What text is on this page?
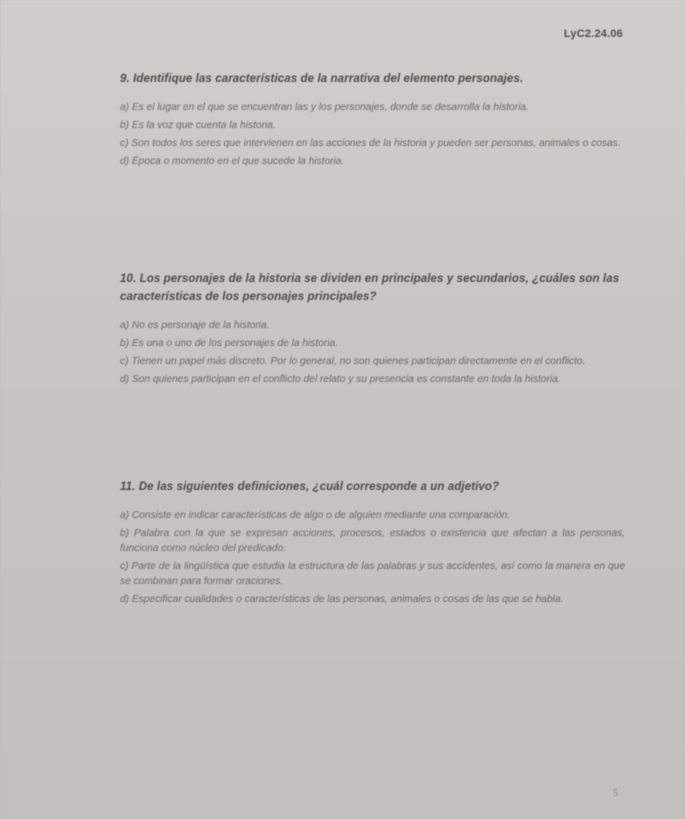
LyC2.24.06

9. Identifique las características de la narrativa del elemento personajes.

a) Es el lugar en el que se encuentran las y los personajes, donde se desarrolla la historia.
b) Es la voz que cuenta la historia.
c) Son todos los seres que intervienen en las acciones de la historia y pueden ser personas, animales o cosas.
d) Época o momento en el que sucede la historia.

10. Los personajes de la historia se dividen en principales y secundarios, ¿cuáles son las características de los personajes principales?

a) No es personaje de la historia.
b) Es una o uno de los personajes de la historia.
c) Tienen un papel más discreto. Por lo general, no son quienes participan directamente en el conflicto.
d) Son quienes participan en el conflicto del relato y su presencia es constante en toda la historia.

11. De las siguientes definiciones, ¿cuál corresponde a un adjetivo?

a) Consiste en indicar características de algo o de alguien mediante una comparación.
b) Palabra con la que se expresan acciones, procesos, estados o existencia que afectan a las personas, funciona como núcleo del predicado.
c) Parte de la lingüística que estudia la estructura de las palabras y sus accidentes, así como la manera en que se combinan para formar oraciones.
d) Especificar cualidades o características de las personas, animales o cosas de las que se habla.
5
